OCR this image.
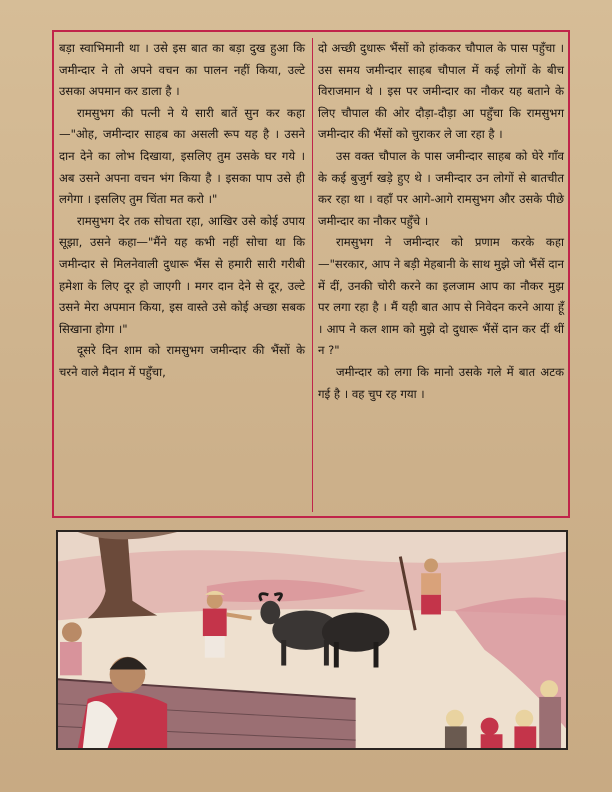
बड़ा स्वाभिमानी था । उसे इस बात का बड़ा दुख हुआ कि जमीन्दार ने तो अपने वचन का पालन नहीं किया, उल्टे उसका अपमान कर डाला है ।

रामसुभग की पत्नी ने ये सारी बातें सुन कर कहा—"ओह, जमीन्दार साहब का असली रूप यह है । उसने दान देने का लोभ दिखाया, इसलिए तुम उसके घर गये । अब उसने अपना वचन भंग किया है । इसका पाप उसे ही लगेगा । इसलिए तुम चिंता मत करो ।"

रामसुभग देर तक सोचता रहा, आखिर उसे कोई उपाय सूझा, उसने कहा—"मैंने यह कभी नहीं सोचा था कि जमीन्दार से मिलनेवाली दुधारू भैंस से हमारी सारी गरीबी हमेशा के लिए दूर हो जाएगी । मगर दान देने से दूर, उल्टे उसने मेरा अपमान किया, इस वास्ते उसे कोई अच्छा सबक सिखाना होगा ।"

दूसरे दिन शाम को रामसुभग जमीन्दार की भैंसों के चरने वाले मैदान में पहुँचा,

दो अच्छी दुधारू भैंसों को हांककर चौपाल के पास पहुँचा । उस समय जमीन्दार साहब चौपाल में कई लोगों के बीच विराजमान थे । इस पर जमीन्दार का नौकर यह बताने के लिए चौपाल की ओर दौड़ा-दौड़ा आ पहुँचा कि रामसुभग जमीन्दार की भैंसों को चुराकर ले जा रहा है ।

उस वक्त चौपाल के पास जमीन्दार साहब को घेरे गाँव के कई बुजुर्ग खड़े हुए थे । जमीन्दार उन लोगों से बातचीत कर रहा था । वहाँ पर आगे-आगे रामसुभग और उसके पीछे जमीन्दार का नौकर पहुँचे ।

रामसुभग ने जमीन्दार को प्रणाम करके कहा—"सरकार, आप ने बड़ी मेहबानी के साथ मुझे जो भैंसें दान में दीं, उनकी चोरी करने का इलजाम आप का नौकर मुझ पर लगा रहा है । मैं यही बात आप से निवेदन करने आया हूँ । आप ने कल शाम को मुझे दो दुधारू भैंसें दान कर दीं थीं न ?"

जमीन्दार को लगा कि मानो उसके गले में बात अटक गई है । वह चुप रह गया ।
